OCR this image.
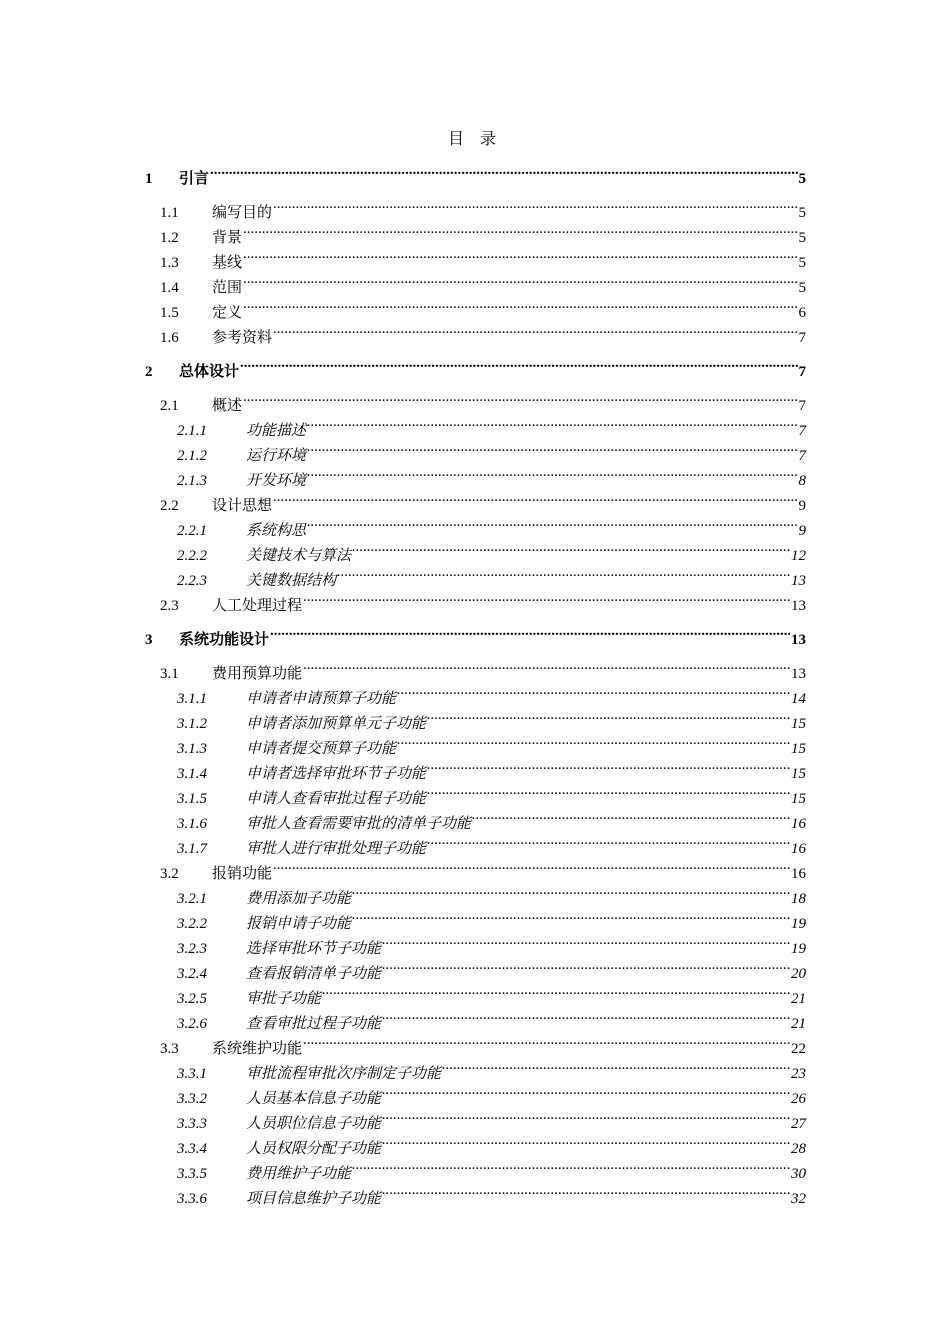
目 录
1	引言 .....	5
1.1	编写目的 .....	5
1.2	背景 .....	5
1.3	基线 .....	5
1.4	范围 .....	5
1.5	定义 .....	6
1.6	参考资料 .....	7
2	总体设计 .....	7
2.1	概述 .....	7
2.1.1	功能描述 .....	7
2.1.2	运行环境 .....	7
2.1.3	开发环境 .....	8
2.2	设计思想 .....	9
2.2.1	系统构思 .....	9
2.2.2	关键技术与算法 .....	12
2.2.3	关键数据结构 .....	13
2.3	人工处理过程 .....	13
3	系统功能设计 .....	13
3.1	费用预算功能 .....	13
3.1.1	申请者申请预算子功能 .....	14
3.1.2	申请者添加预算单元子功能 .....	15
3.1.3	申请者提交预算子功能 .....	15
3.1.4	申请者选择审批环节子功能 .....	15
3.1.5	申请人查看审批过程子功能 .....	15
3.1.6	审批人查看需要审批的清单子功能 .....	16
3.1.7	审批人进行审批处理子功能 .....	16
3.2	报销功能 .....	16
3.2.1	费用添加子功能 .....	18
3.2.2	报销申请子功能 .....	19
3.2.3	选择审批环节子功能 .....	19
3.2.4	查看报销清单子功能 .....	20
3.2.5	审批子功能 .....	21
3.2.6	查看审批过程子功能 .....	21
3.3	系统维护功能 .....	22
3.3.1	审批流程审批次序制定子功能 .....	23
3.3.2	人员基本信息子功能 .....	26
3.3.3	人员职位信息子功能 .....	27
3.3.4	人员权限分配子功能 .....	28
3.3.5	费用维护子功能 .....	30
3.3.6	项目信息维护子功能 .....	32
